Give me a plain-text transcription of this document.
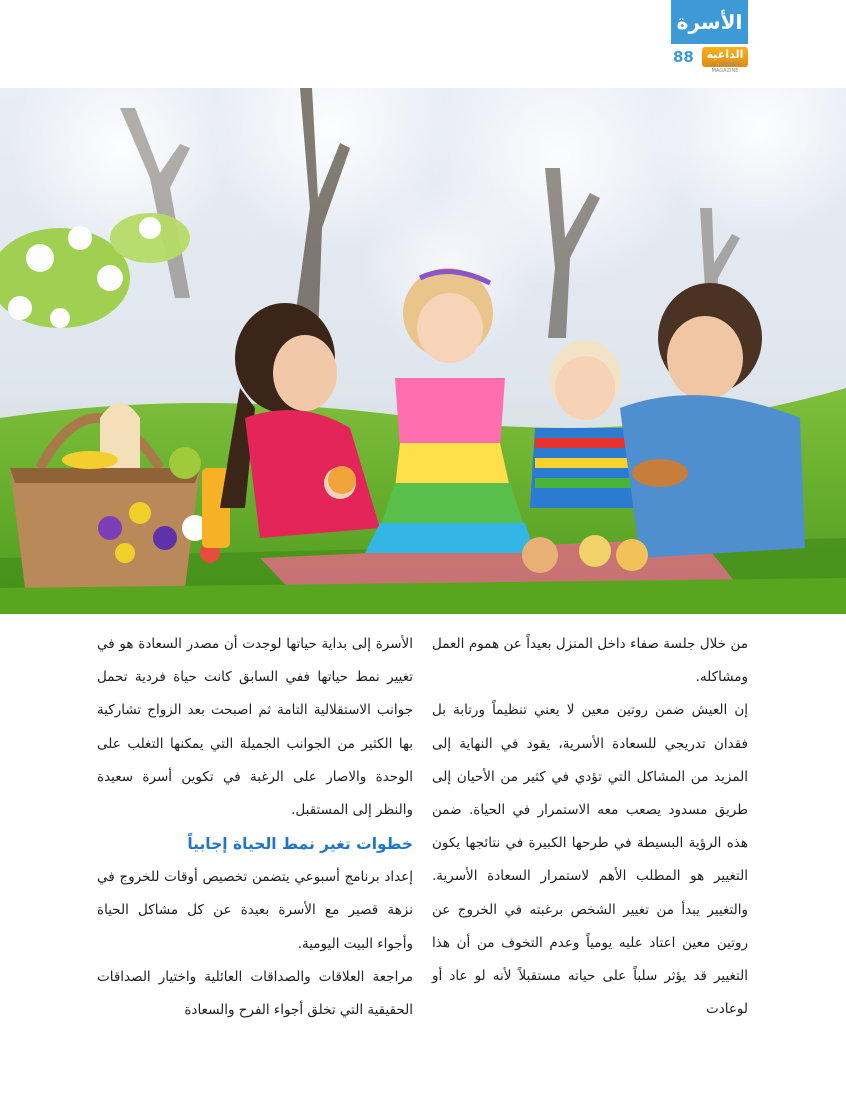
الأسرة
88	الداعية
AL DAEYAH MAGAZINE

من خلال جلسة صفاء داخل المنزل بعيداً عن هموم العمل ومشاكله.

إن العيش ضمن روتين معين لا يعني تنظيماً ورتابة بل فقدان تدريجي للسعادة الأسرية، يقود في النهاية إلى المزيد من المشاكل التي تؤدي في كثير من الأحيان إلى طريق مسدود يصعب معه الاستمرار في الحياة. ضمن هذه الرؤية البسيطة في طرحها الكبيرة في نتائجها يكون التغيير هو المطلب الأهم لاستمرار السعادة الأسرية. والتغيير يبدأ من تغيير الشخص برغبته في الخروج عن روتين معين اعتاد عليه يومياً وعدم التخوف من أن هذا التغيير قد يؤثر سلباً على حياته مستقبلاً لأنه لو عاد أو لوعادت

الأسرة إلى بداية حياتها لوجدت أن مصدر السعادة هو في تغيير نمط حياتها ففي السابق كانت حياة فردية تحمل جوانب الاستقلالية التامة ثم اصبحت بعد الزواج تشاركية بها الكثير من الجوانب الجميلة التي يمكنها التغلب على الوحدة والاصار على الرغبة في تكوين أسرة سعيدة والنظر إلى المستقبل.

خطوات تغير نمط الحياة إجابياً

إعداد برنامج أسبوعي يتضمن تخصيص أوقات للخروج في نزهة قصير مع الأسرة بعيدة عن كل مشاكل الحياة وأجواء البيت اليومية.

مراجعة العلاقات والصداقات العائلية واختيار الصداقات الحقيقية التي تخلق أجواء الفرح والسعادة
